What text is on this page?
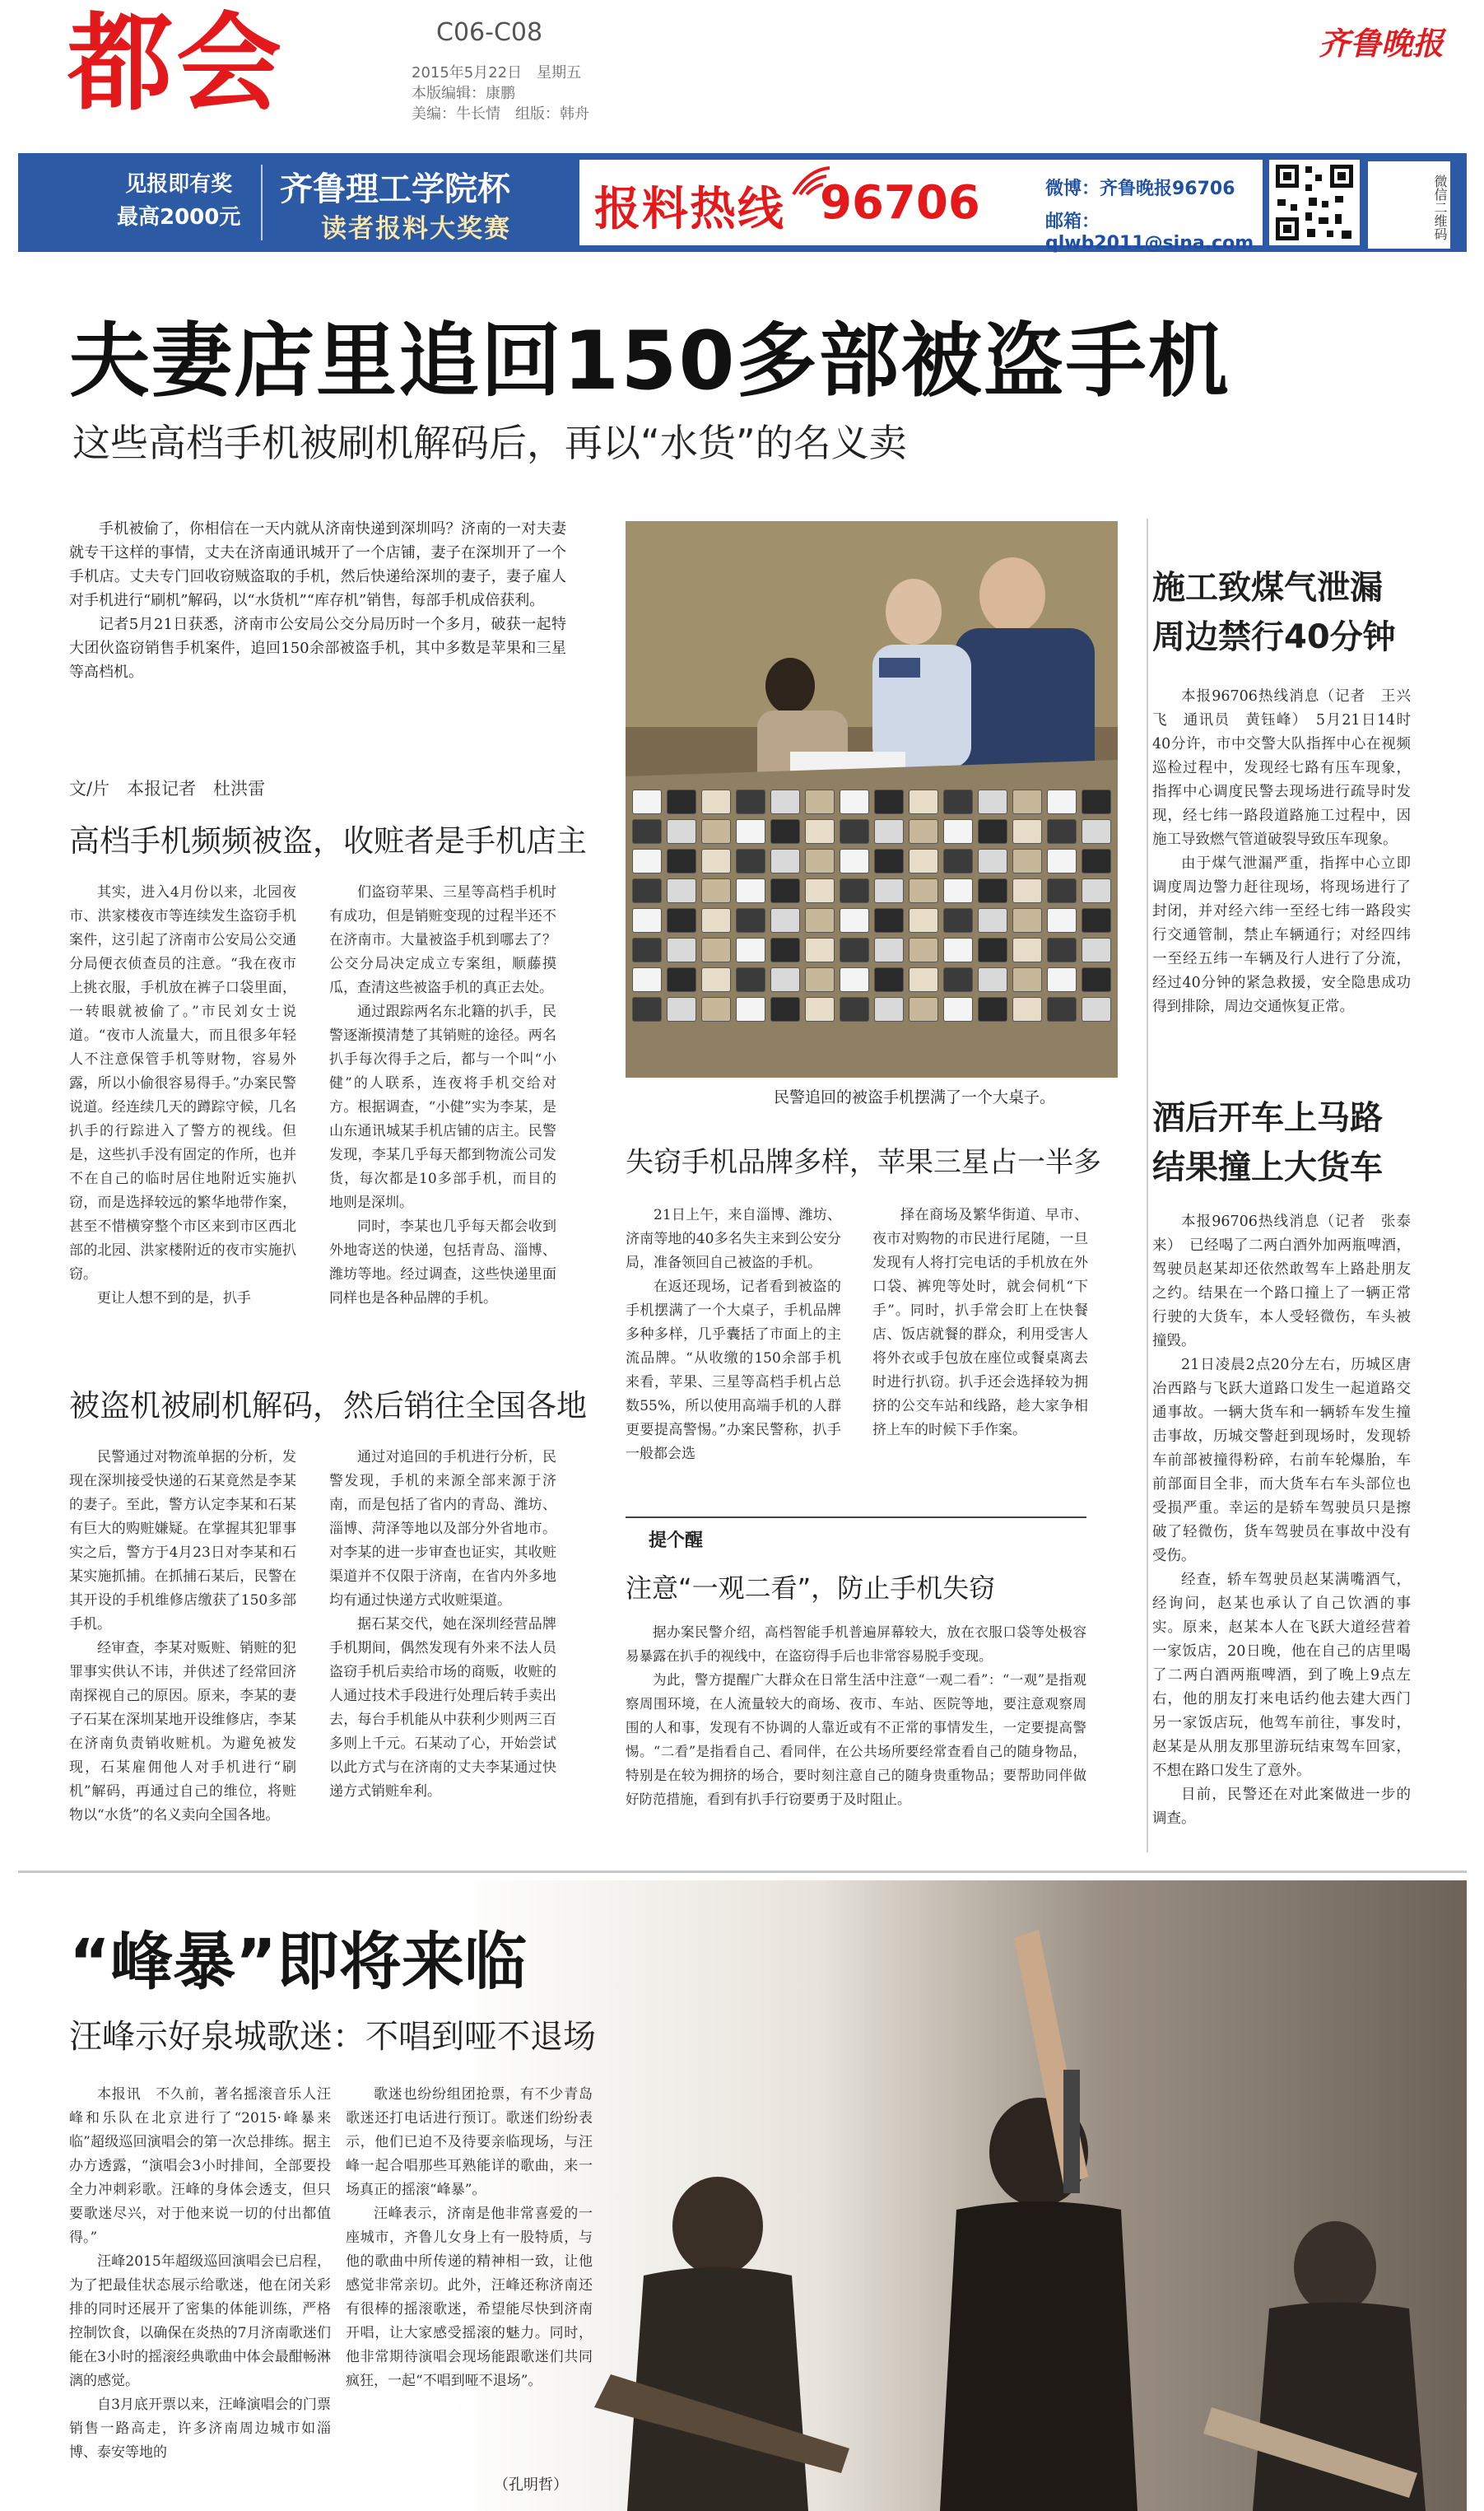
都会	C06-C08
2015年5月22日　星期五
本版编辑：康鹏
美编：牛长情　组版：韩舟
齐鲁晚报
见报即有奖
最高2000元
齐鲁理工学院杯
读者报料大奖赛 报料热线 96706	微博：齐鲁晚报96706
邮箱：qlwb2011@sina.com
微信二维码
夫妻店里追回150多部被盗手机
这些高档手机被刷机解码后，再以“水货”的名义卖

手机被偷了，你相信在一天内就从济南快递到深圳吗？济南的一对夫妻就专干这样的事情，丈夫在济南通讯城开了一个店铺，妻子在深圳开了一个手机店。丈夫专门回收窃贼盗取的手机，然后快递给深圳的妻子，妻子雇人对手机进行“刷机”解码，以“水货机”“库存机”销售，每部手机成倍获利。

记者5月21日获悉，济南市公安局公交分局历时一个多月，破获一起特大团伙盗窃销售手机案件，追回150余部被盗手机，其中多数是苹果和三星等高档机。

文/片　本报记者　杜洪雷
民警追回的被盗手机摆满了一个大桌子。
高档手机频频被盗，收赃者是手机店主

其实，进入4月份以来，北园夜市、洪家楼夜市等连续发生盗窃手机案件，这引起了济南市公安局公交通分局便衣侦查员的注意。“我在夜市上挑衣服，手机放在裤子口袋里面，一转眼就被偷了。”市民刘女士说道。“夜市人流量大，而且很多年轻人不注意保管手机等财物，容易外露，所以小偷很容易得手。”办案民警说道。经连续几天的蹲踪守候，几名扒手的行踪进入了警方的视线。但是，这些扒手没有固定的作所，也并不在自己的临时居住地附近实施扒窃，而是选择较远的繁华地带作案，甚至不惜横穿整个市区来到市区西北部的北园、洪家楼附近的夜市实施扒窃。

更让人想不到的是，扒手

们盗窃苹果、三星等高档手机时有成功，但是销赃变现的过程半还不在济南市。大量被盗手机到哪去了？公交分局决定成立专案组，顺藤摸瓜，查清这些被盗手机的真正去处。

通过跟踪两名东北籍的扒手，民警逐渐摸清楚了其销赃的途径。两名扒手每次得手之后，都与一个叫“小健”的人联系，连夜将手机交给对方。根据调查，“小健”实为李某，是山东通讯城某手机店铺的店主。民警发现，李某几乎每天都到物流公司发货，每次都是10多部手机，而目的地则是深圳。

同时，李某也几乎每天都会收到外地寄送的快递，包括青岛、淄博、潍坊等地。经过调查，这些快递里面同样也是各种品牌的手机。

被盗机被刷机解码，然后销往全国各地

民警通过对物流单据的分析，发现在深圳接受快递的石某竟然是李某的妻子。至此，警方认定李某和石某有巨大的购赃嫌疑。在掌握其犯罪事实之后，警方于4月23日对李某和石某实施抓捕。在抓捕石某后，民警在其开设的手机维修店缴获了150多部手机。

经审查，李某对贩赃、销赃的犯罪事实供认不讳，并供述了经常回济南探视自己的原因。原来，李某的妻子石某在深圳某地开设维修店，李某在济南负责销收赃机。为避免被发现，石某雇佣他人对手机进行“刷机”解码，再通过自己的维位，将赃物以“水货”的名义卖向全国各地。

通过对追回的手机进行分析，民警发现，手机的来源全部来源于济南，而是包括了省内的青岛、潍坊、淄博、菏泽等地以及部分外省地市。对李某的进一步审查也证实，其收赃渠道并不仅限于济南，在省内外多地均有通过快递方式收赃渠道。

据石某交代，她在深圳经营品牌手机期间，偶然发现有外来不法人员盗窃手机后卖给市场的商贩，收赃的人通过技术手段进行处理后转手卖出去，每台手机能从中获利少则两三百多则上千元。石某动了心，开始尝试以此方式与在济南的丈夫李某通过快递方式销赃牟利。

失窃手机品牌多样，苹果三星占一半多

21日上午，来自淄博、潍坊、济南等地的40多名失主来到公安分局，准备领回自己被盗的手机。

在返还现场，记者看到被盗的手机摆满了一个大桌子，手机品牌多种多样，几乎囊括了市面上的主流品牌。“从收缴的150余部手机来看，苹果、三星等高档手机占总数55%，所以使用高端手机的人群更要提高警惕。”办案民警称，扒手一般都会选

择在商场及繁华街道、早市、夜市对购物的市民进行尾随，一旦发现有人将打完电话的手机放在外口袋、裤兜等处时，就会伺机“下手”。同时，扒手常会盯上在快餐店、饭店就餐的群众，利用受害人将外衣或手包放在座位或餐桌离去时进行扒窃。扒手还会选择较为拥挤的公交车站和线路，趁大家争相挤上车的时候下手作案。

提个醒
注意“一观二看”，防止手机失窃

据办案民警介绍，高档智能手机普遍屏幕较大，放在衣服口袋等处极容易暴露在扒手的视线中，在盗窃得手后也非常容易脱手变现。

为此，警方提醒广大群众在日常生活中注意“一观二看”：“一观”是指观察周围环境，在人流量较大的商场、夜市、车站、医院等地，要注意观察周围的人和事，发现有不协调的人靠近或有不正常的事情发生，一定要提高警惕。“二看”是指看自己、看同伴，在公共场所要经常查看自己的随身物品，特别是在较为拥挤的场合，要时刻注意自己的随身贵重物品；要帮助同伴做好防范措施，看到有扒手行窃要勇于及时阻止。

施工致煤气泄漏
周边禁行40分钟

本报96706热线消息（记者　王兴飞　通讯员　黄钰峰）　5月21日14时40分许，市中交警大队指挥中心在视频巡检过程中，发现经七路有压车现象，指挥中心调度民警去现场进行疏导时发现，经七纬一路段道路施工过程中，因施工导致燃气管道破裂导致压车现象。

由于煤气泄漏严重，指挥中心立即调度周边警力赶往现场，将现场进行了封闭，并对经六纬一至经七纬一路段实行交通管制，禁止车辆通行；对经四纬一至经五纬一车辆及行人进行了分流，经过40分钟的紧急救援，安全隐患成功得到排除，周边交通恢复正常。

酒后开车上马路
结果撞上大货车

本报96706热线消息（记者　张泰来）　已经喝了二两白酒外加两瓶啤酒，驾驶员赵某却还依然敢驾车上路赴朋友之约。结果在一个路口撞上了一辆正常行驶的大货车，本人受轻微伤，车头被撞毁。

21日凌晨2点20分左右，历城区唐冶西路与飞跃大道路口发生一起道路交通事故。一辆大货车和一辆轿车发生撞击事故，历城交警赶到现场时，发现轿车前部被撞得粉碎，右前车轮爆胎，车前部面目全非，而大货车右车头部位也受损严重。幸运的是轿车驾驶员只是擦破了轻微伤，货车驾驶员在事故中没有受伤。

经查，轿车驾驶员赵某满嘴酒气，经询问，赵某也承认了自己饮酒的事实。原来，赵某本人在飞跃大道经营着一家饭店，20日晚，他在自己的店里喝了二两白酒两瓶啤酒，到了晚上9点左右，他的朋友打来电话约他去建大西门另一家饭店玩，他驾车前往，事发时，赵某是从朋友那里游玩结束驾车回家，不想在路口发生了意外。

目前，民警还在对此案做进一步的调查。

“峰暴”即将来临
汪峰示好泉城歌迷：不唱到哑不退场

本报讯　不久前，著名摇滚音乐人汪峰和乐队在北京进行了“2015·峰暴来临”超级巡回演唱会的第一次总排练。据主办方透露，“演唱会3小时排间，全部要投全力冲刺彩歌。汪峰的身体会透支，但只要歌迷尽兴，对于他来说一切的付出都值得。”

汪峰2015年超级巡回演唱会已启程，为了把最佳状态展示给歌迷，他在闭关彩排的同时还展开了密集的体能训练，严格控制饮食，以确保在炎热的7月济南歌迷们能在3小时的摇滚经典歌曲中体会最酣畅淋漓的感觉。

自3月底开票以来，汪峰演唱会的门票销售一路高走，许多济南周边城市如淄博、泰安等地的

歌迷也纷纷组团抢票，有不少青岛歌迷还打电话进行预订。歌迷们纷纷表示，他们已迫不及待要亲临现场，与汪峰一起合唱那些耳熟能详的歌曲，来一场真正的摇滚“峰暴”。

汪峰表示，济南是他非常喜爱的一座城市，齐鲁儿女身上有一股特质，与他的歌曲中所传递的精神相一致，让他感觉非常亲切。此外，汪峰还称济南还有很棒的摇滚歌迷，希望能尽快到济南开唱，让大家感受摇滚的魅力。同时，他非常期待演唱会现场能跟歌迷们共同疯狂，一起“不唱到哑不退场”。

（孔明哲）
